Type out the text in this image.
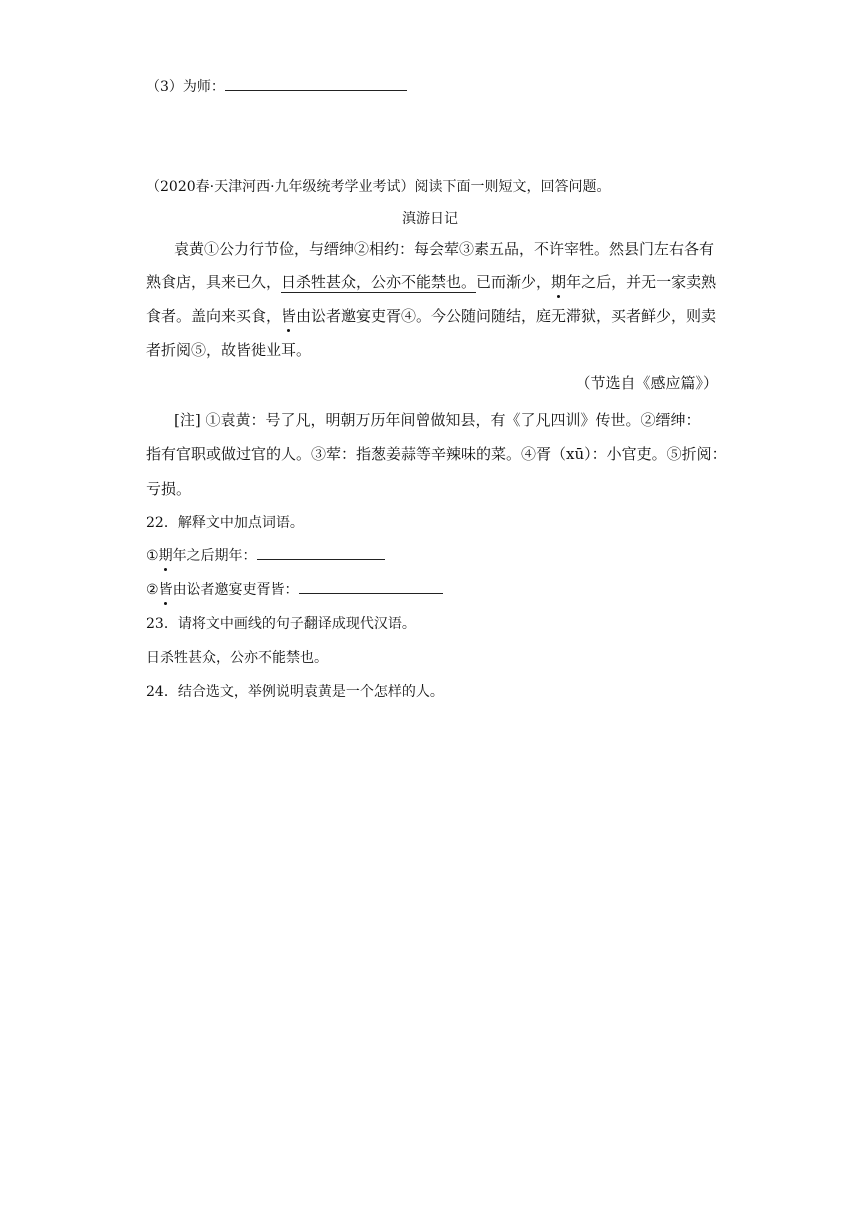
（3）为师：
（2020春·天津河西·九年级统考学业考试）阅读下面一则短文，回答问题。
滇游日记
袁黄①公力行节俭，与缙绅②相约：每会荤③素五品，不许宰牲。然县门左右各有
熟食店，具来已久，日杀牲甚众，公亦不能禁也。已而渐少，期年之后，并无一家卖熟
食者。盖向来买食，皆由讼者邀宴吏胥④。今公随问随结，庭无滞狱，买者鲜少，则卖
者折阅⑤，故皆徙业耳。
（节选自《感应篇》）
[注] ①袁黄：号了凡，明朝万历年间曾做知县，有《了凡四训》传世。②缙绅：
指有官职或做过官的人。③荤：指葱姜蒜等辛辣味的菜。④胥（xū）：小官吏。⑤折阅：
亏损。
22．解释文中加点词语。
①期年之后期年：
②皆由讼者邀宴吏胥皆：
23．请将文中画线的句子翻译成现代汉语。
日杀牲甚众，公亦不能禁也。
24．结合选文，举例说明袁黄是一个怎样的人。
